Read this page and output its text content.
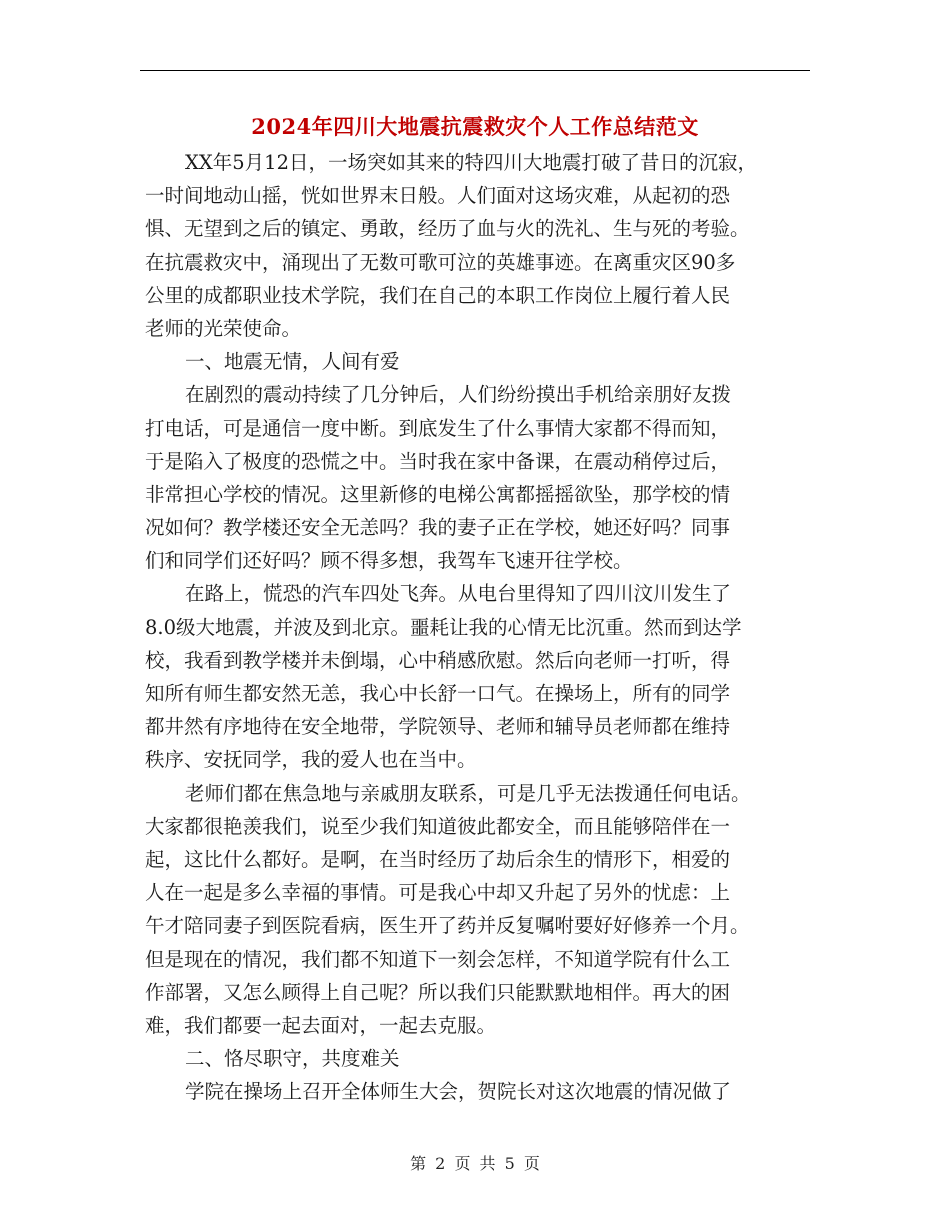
2024年四川大地震抗震救灾个人工作总结范文
XX年5月12日，一场突如其来的特四川大地震打破了昔日的沉寂，
一时间地动山摇，恍如世界末日般。人们面对这场灾难，从起初的恐
惧、无望到之后的镇定、勇敢，经历了血与火的洗礼、生与死的考验。
在抗震救灾中，涌现出了无数可歌可泣的英雄事迹。在离重灾区90多
公里的成都职业技术学院，我们在自己的本职工作岗位上履行着人民
老师的光荣使命。
一、地震无情，人间有爱
在剧烈的震动持续了几分钟后，人们纷纷摸出手机给亲朋好友拨
打电话，可是通信一度中断。到底发生了什么事情大家都不得而知，
于是陷入了极度的恐慌之中。当时我在家中备课，在震动稍停过后，
非常担心学校的情况。这里新修的电梯公寓都摇摇欲坠，那学校的情
况如何？教学楼还安全无恙吗？我的妻子正在学校，她还好吗？同事
们和同学们还好吗？顾不得多想，我驾车飞速开往学校。
在路上，慌恐的汽车四处飞奔。从电台里得知了四川汶川发生了
8.0级大地震，并波及到北京。噩耗让我的心情无比沉重。然而到达学
校，我看到教学楼并未倒塌，心中稍感欣慰。然后向老师一打听，得
知所有师生都安然无恙，我心中长舒一口气。在操场上，所有的同学
都井然有序地待在安全地带，学院领导、老师和辅导员老师都在维持
秩序、安抚同学，我的爱人也在当中。
老师们都在焦急地与亲戚朋友联系，可是几乎无法拨通任何电话。
大家都很艳羡我们，说至少我们知道彼此都安全，而且能够陪伴在一
起，这比什么都好。是啊，在当时经历了劫后余生的情形下，相爱的
人在一起是多么幸福的事情。可是我心中却又升起了另外的忧虑：上
午才陪同妻子到医院看病，医生开了药并反复嘱咐要好好修养一个月。
但是现在的情况，我们都不知道下一刻会怎样，不知道学院有什么工
作部署，又怎么顾得上自己呢？所以我们只能默默地相伴。再大的困
难，我们都要一起去面对，一起去克服。
二、恪尽职守，共度难关
学院在操场上召开全体师生大会，贺院长对这次地震的情况做了
第 2 页 共 5 页
